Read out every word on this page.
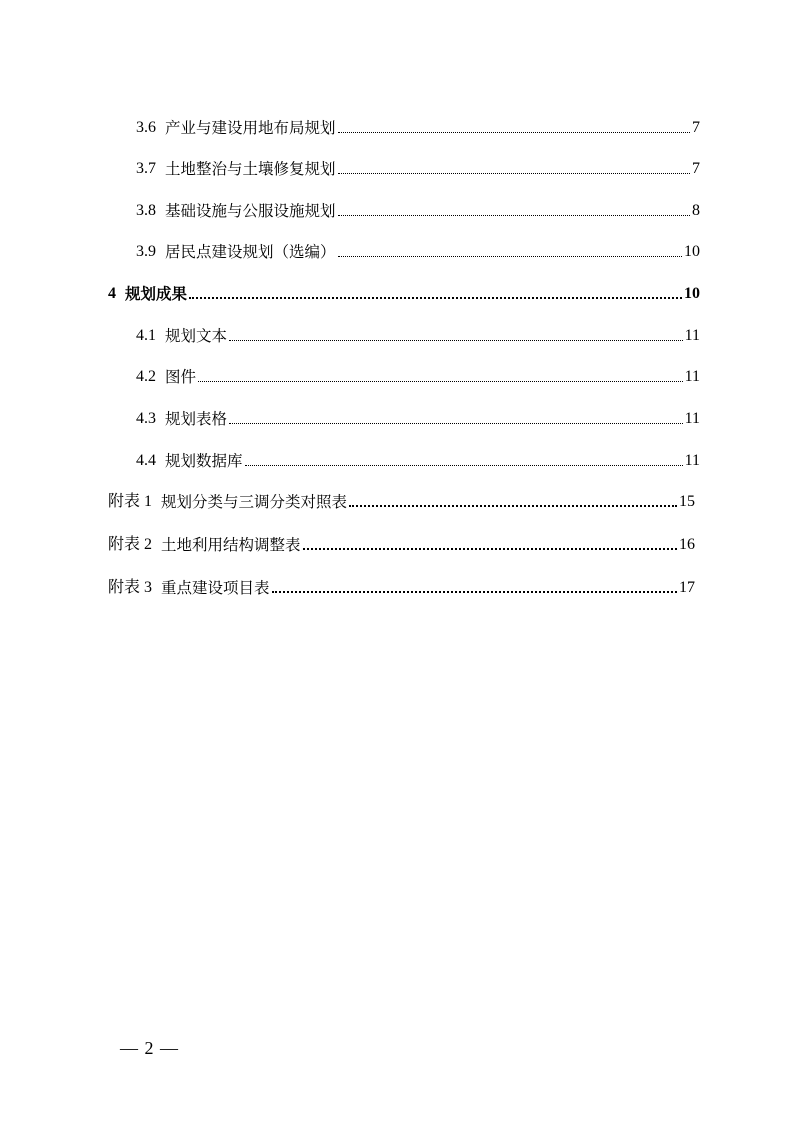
3.6 产业与建设用地布局规划	7
3.7 土地整治与土壤修复规划	7
3.8 基础设施与公服设施规划	8
3.9 居民点建设规划（选编）	10
4 规划成果	10
4.1 规划文本	11
4.2 图件	11
4.3 规划表格	11
4.4 规划数据库	11
附表 1 规划分类与三调分类对照表	15
附表 2 土地利用结构调整表	16
附表 3 重点建设项目表	17
— 2 —
